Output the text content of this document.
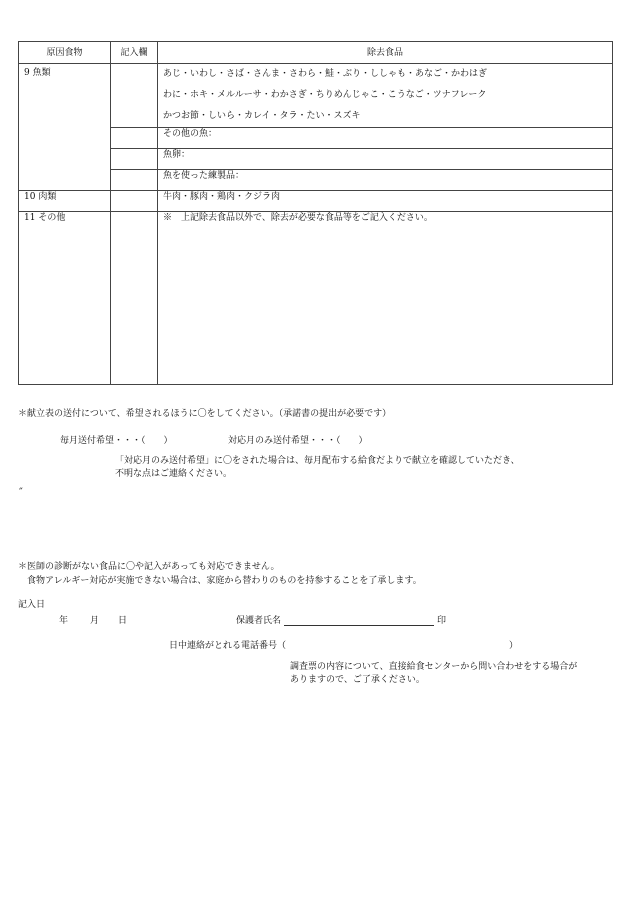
原因食物	記入欄	除去食品
9 魚類		あじ・いわし・さば・さんま・さわら・鮭・ぶり・ししゃも・あなご・かわはぎ
わに・ホキ・メルルーサ・わかさぎ・ちりめんじゃこ・こうなご・ツナフレーク
かつお節・しいら・カレイ・タラ・たい・スズキ

		その他の魚：
		魚卵：
		魚を使った練製品：
10 肉類		牛肉・豚肉・鶏肉・クジラ肉
11 その他		※　上記除去食品以外で、除去が必要な食品等をご記入ください。
＊献立表の送付について、希望されるほうに〇をしてください。（承諾書の提出が必要です）
毎月送付希望・・・（　　）	対応月のみ送付希望・・・（　　）
「対応月のみ送付希望」に〇をされた場合は、毎月配布する給食だよりで献立を確認していただき、
不明な点はご連絡ください。
˝
＊医師の診断がない食品に〇や記入があっても対応できません。
食物アレルギー対応が実施できない場合は、家庭から替わりのものを持参することを了承します。
記入日
年 月 日	保護者氏名	印
日中連絡がとれる電話番号（	）
調査票の内容について、直接給食センターから問い合わせをする場合が
ありますので、ご了承ください。
